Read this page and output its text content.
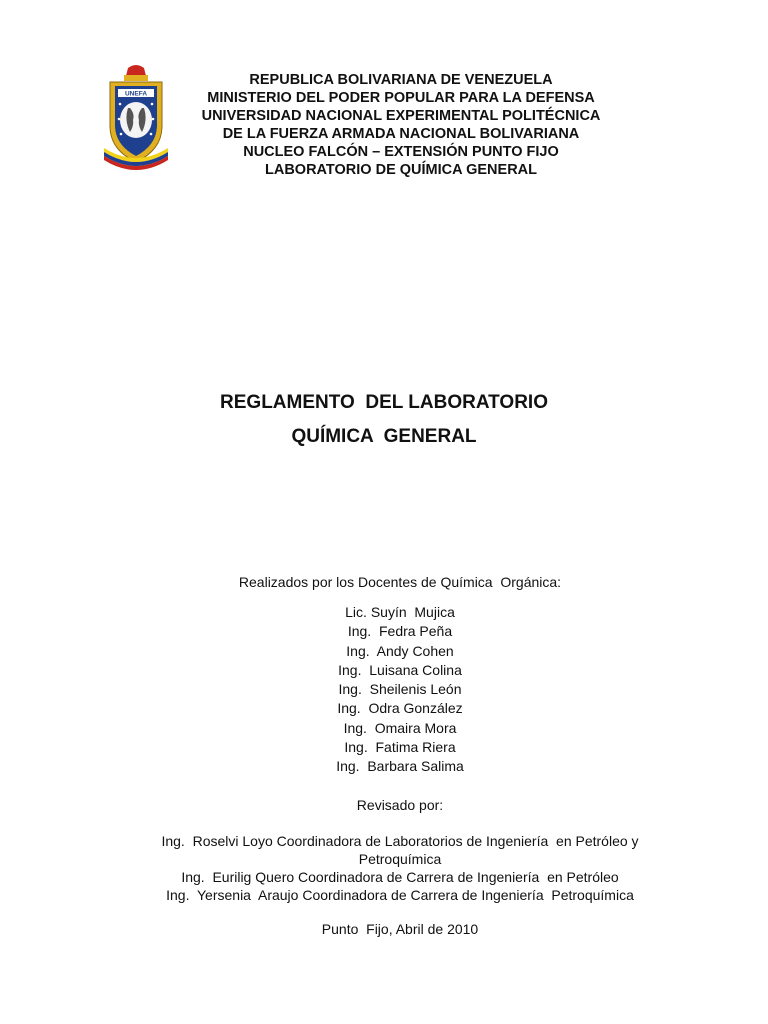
UNEFA
REPUBLICA BOLIVARIANA DE VENEZUELA
MINISTERIO DEL PODER POPULAR PARA LA DEFENSA
UNIVERSIDAD NACIONAL EXPERIMENTAL POLITÉCNICA
DE LA FUERZA ARMADA NACIONAL BOLIVARIANA
NUCLEO FALCÓN – EXTENSIÓN PUNTO FIJO
LABORATORIO DE QUÍMICA GENERAL
REGLAMENTO  DEL LABORATORIO
QUÍMICA  GENERAL
Realizados por los Docentes de Química  Orgánica:
Lic. Suyín  Mujica
Ing.  Fedra Peña
Ing.  Andy Cohen
Ing.  Luisana Colina
Ing.  Sheilenis León
Ing.  Odra González
Ing.  Omaira Mora
Ing.  Fatima Riera
Ing.  Barbara Salima
Revisado por:
Ing.  Roselvi Loyo Coordinadora de Laboratorios de Ingeniería  en Petróleo y Petroquímica
Ing.  Eurilig Quero Coordinadora de Carrera de Ingeniería  en Petróleo
Ing.  Yersenia  Araujo Coordinadora de Carrera de Ingeniería  Petroquímica
Punto  Fijo, Abril de 2010
